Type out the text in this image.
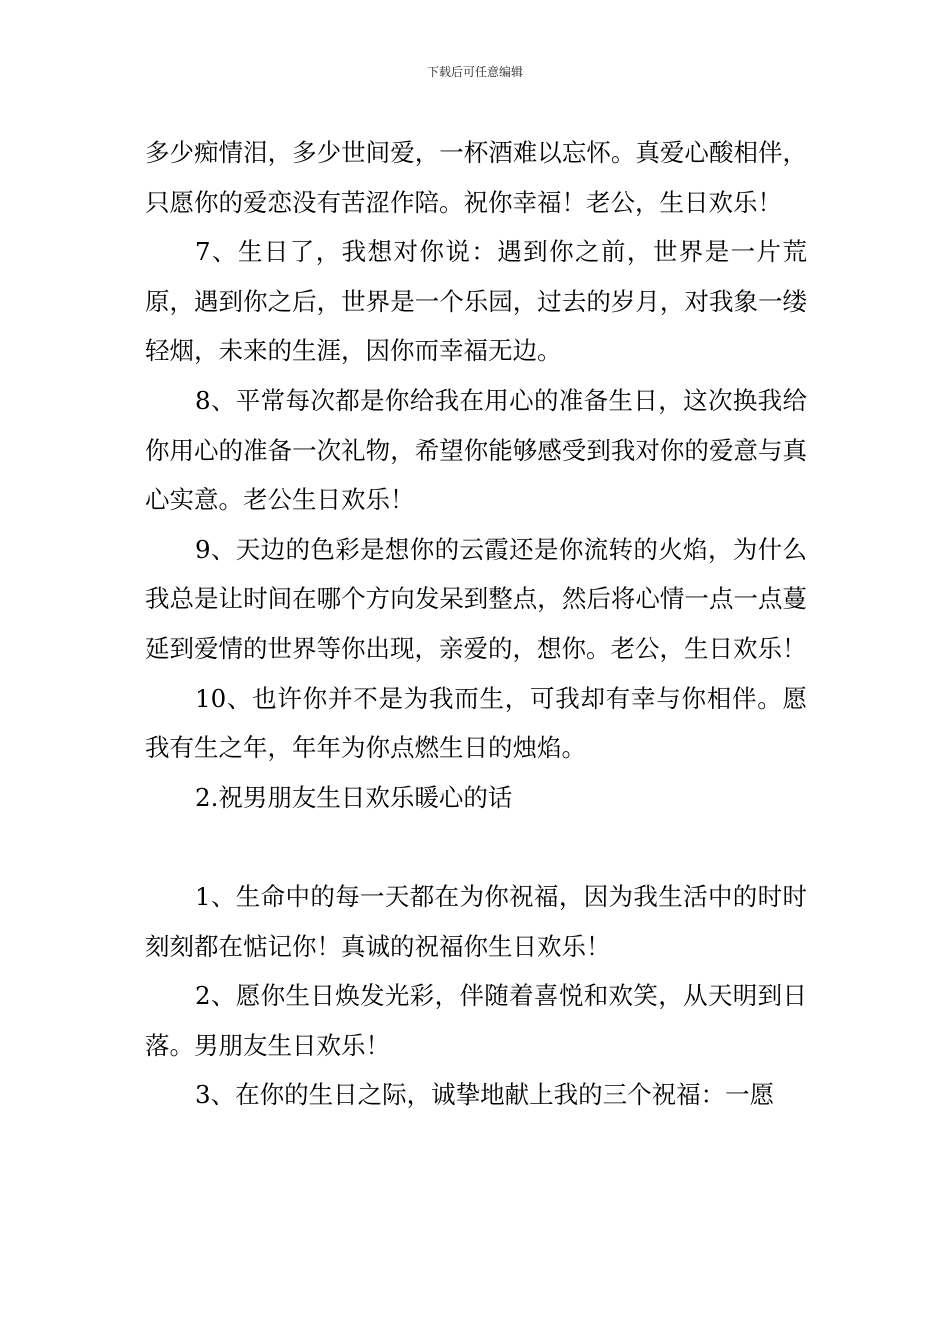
下载后可任意编辑

多少痴情泪，多少世间爱，一杯酒难以忘怀。真爱心酸相伴，只愿你的爱恋没有苦涩作陪。祝你幸福！老公，生日欢乐！

7、生日了，我想对你说：遇到你之前，世界是一片荒原，遇到你之后，世界是一个乐园，过去的岁月，对我象一缕轻烟，未来的生涯，因你而幸福无边。

8、平常每次都是你给我在用心的准备生日，这次换我给你用心的准备一次礼物，希望你能够感受到我对你的爱意与真心实意。老公生日欢乐！

9、天边的色彩是想你的云霞还是你流转的火焰，为什么我总是让时间在哪个方向发呆到整点，然后将心情一点一点蔓延到爱情的世界等你出现，亲爱的，想你。老公，生日欢乐！

10、也许你并不是为我而生，可我却有幸与你相伴。愿我有生之年，年年为你点燃生日的烛焰。

2.祝男朋友生日欢乐暖心的话

1、生命中的每一天都在为你祝福，因为我生活中的时时刻刻都在惦记你！真诚的祝福你生日欢乐！

2、愿你生日焕发光彩，伴随着喜悦和欢笑，从天明到日落。男朋友生日欢乐！

3、在你的生日之际，诚挚地献上我的三个祝福：一愿
